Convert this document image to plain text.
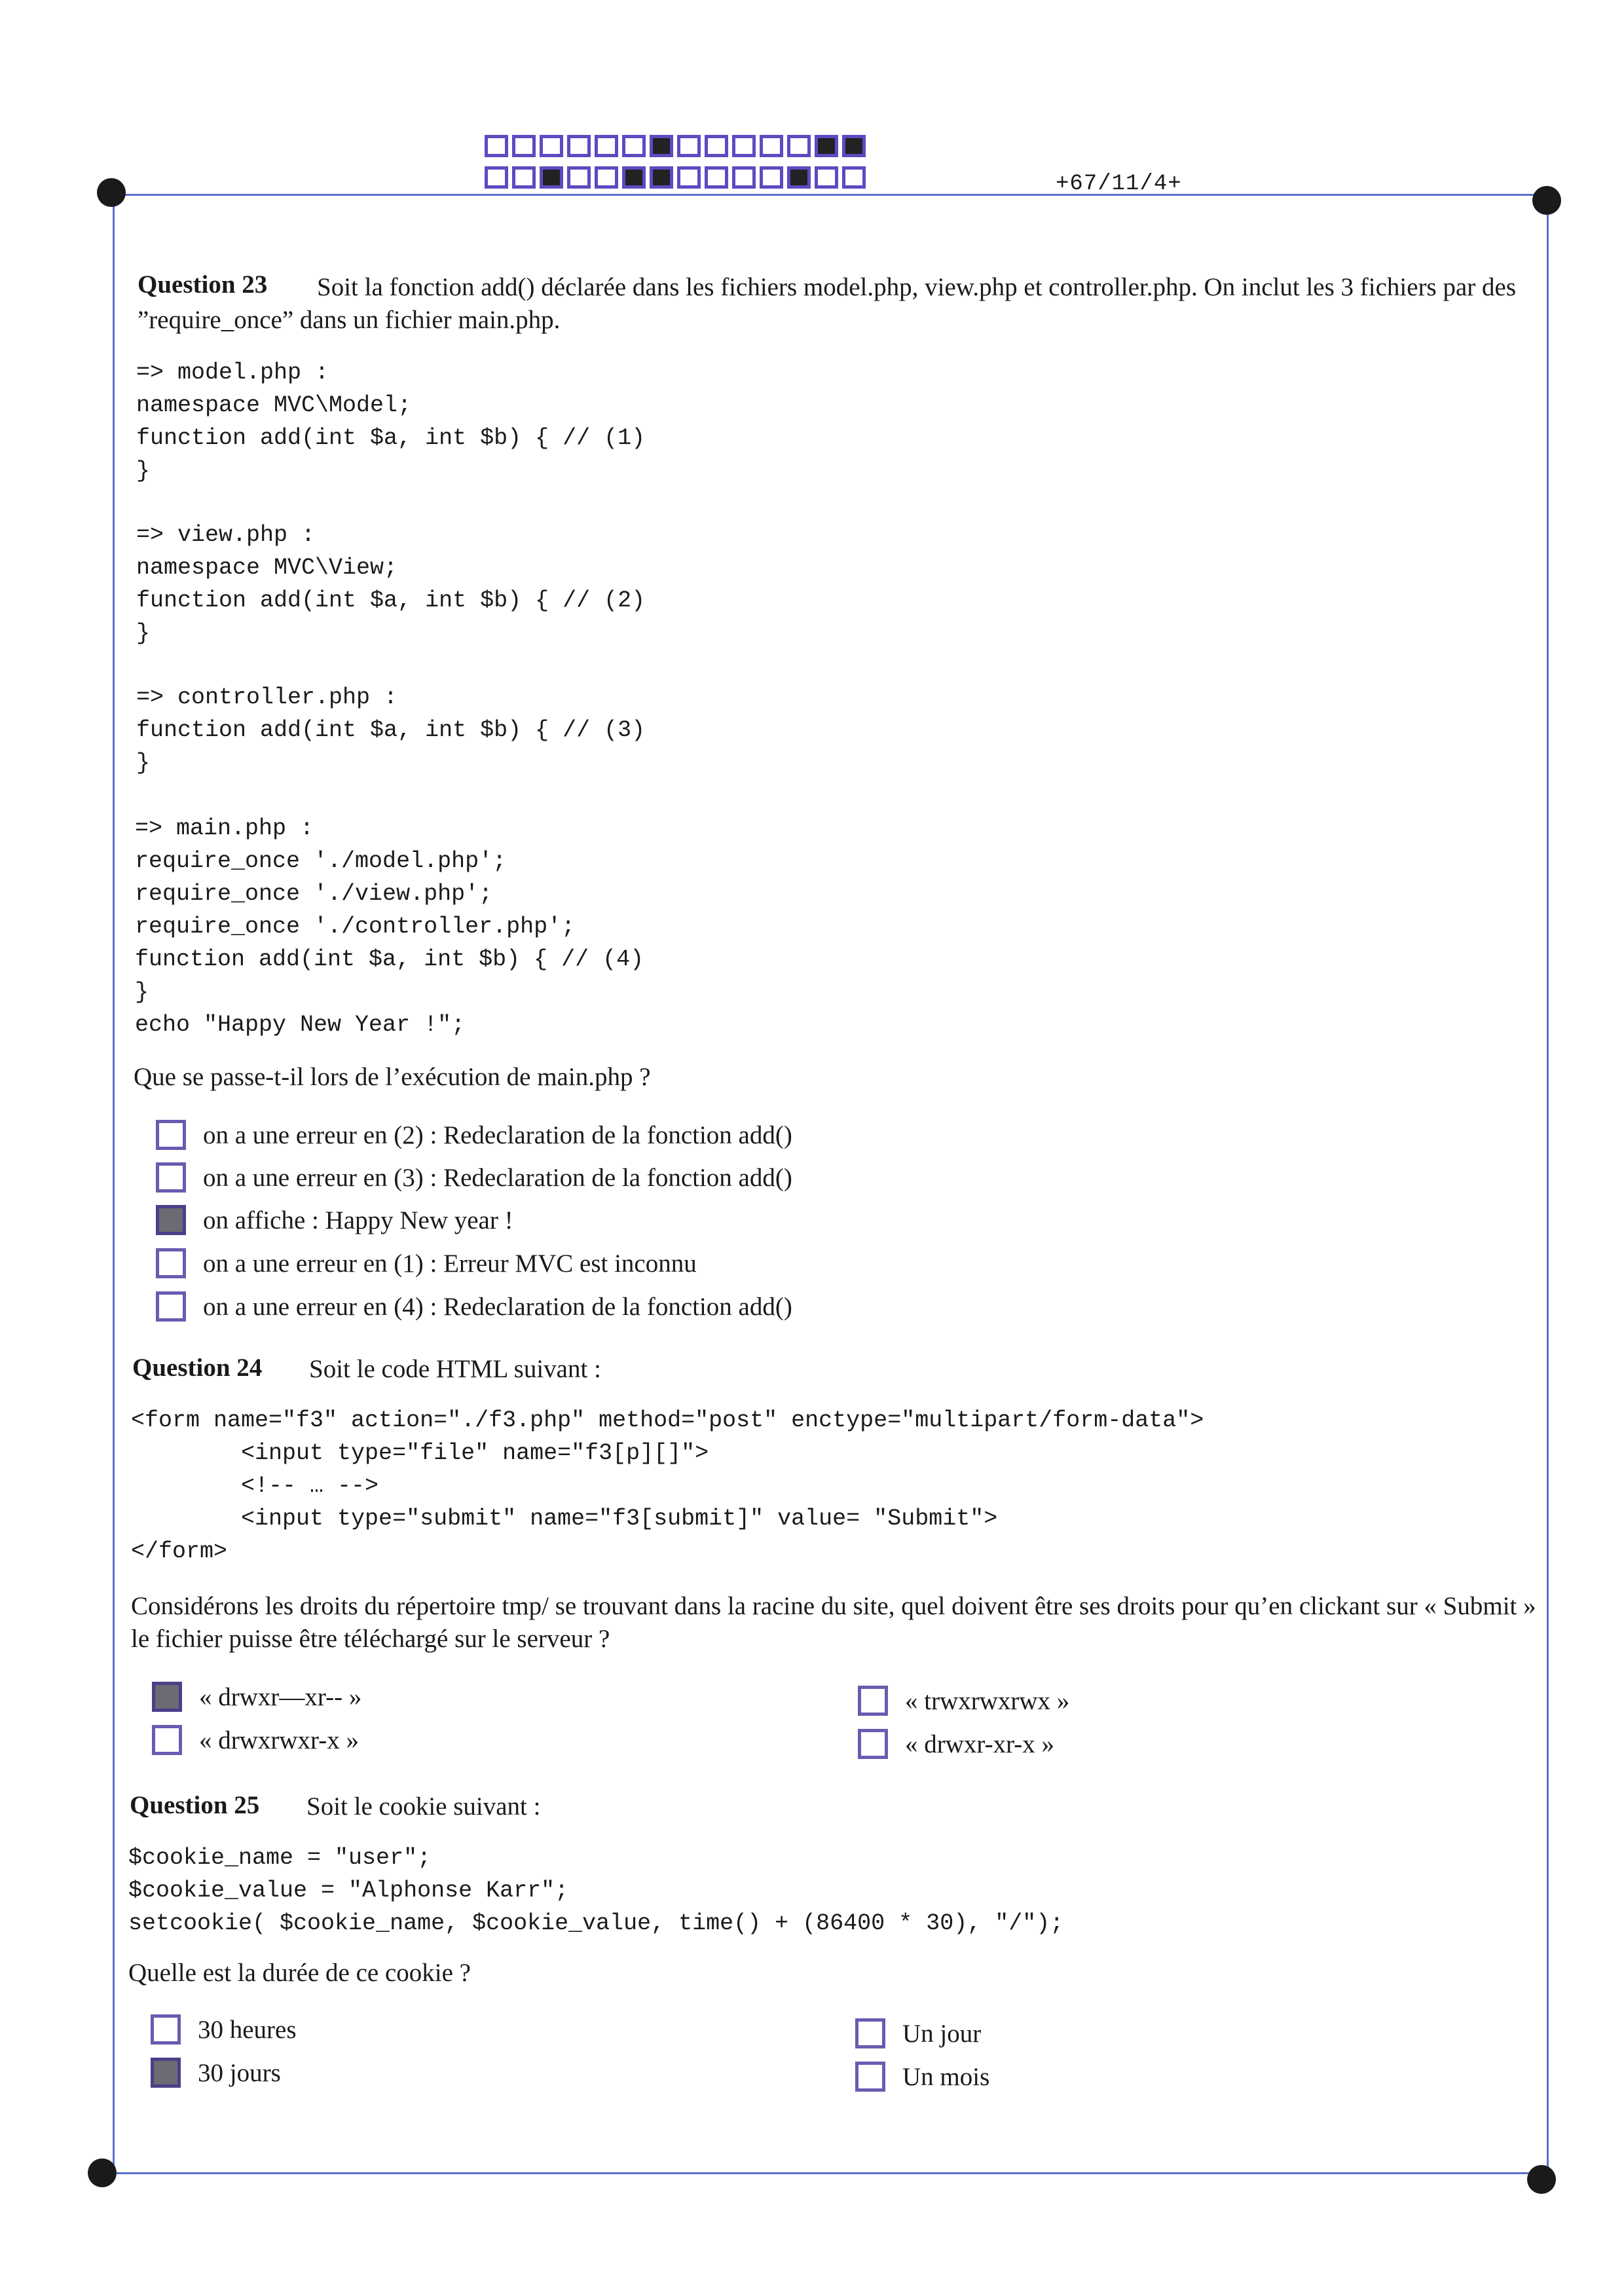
+67/11/4+
Question 23	Soit la fonction add() déclarée dans les fichiers model.php, view.php et controller.php. On inclut les 3 fichiers par des ”require_once” dans un fichier main.php.
=> model.php :
namespace MVC\Model;
function add(int $a, int $b) { // (1)
}
=> view.php :
namespace MVC\View;
function add(int $a, int $b) { // (2)
}
=> controller.php :
function add(int $a, int $b) { // (3)
}
=> main.php :
require_once './model.php';
require_once './view.php';
require_once './controller.php';
function add(int $a, int $b) { // (4)
}
echo "Happy New Year !";
Que se passe-t-il lors de l’exécution de main.php ?
on a une erreur en (2) : Redeclaration de la fonction add()
on a une erreur en (3) : Redeclaration de la fonction add()
on affiche : Happy New year !
on a une erreur en (1) : Erreur MVC est inconnu
on a une erreur en (4) : Redeclaration de la fonction add()
Question 24 Soit le code HTML suivant :
<form name="f3" action="./f3.php" method="post" enctype="multipart/form-data">
<input type="file" name="f3[p][]">
<!-- … -->
<input type="submit" name="f3[submit]" value= "Submit">
</form>
Considérons les droits du répertoire tmp/ se trouvant dans la racine du site, quel doivent être ses droits pour qu’en clickant sur « Submit » le fichier puisse être téléchargé sur le serveur ?
« drwxr—xr-- »
« drwxrwxr-x »
« trwxrwxrwx »
« drwxr-xr-x »
Question 25 Soit le cookie suivant :
$cookie_name = "user";
$cookie_value = "Alphonse Karr";
setcookie( $cookie_name, $cookie_value, time() + (86400 * 30), "/");
Quelle est la durée de ce cookie ?
30 heures
30 jours
Un jour
Un mois
